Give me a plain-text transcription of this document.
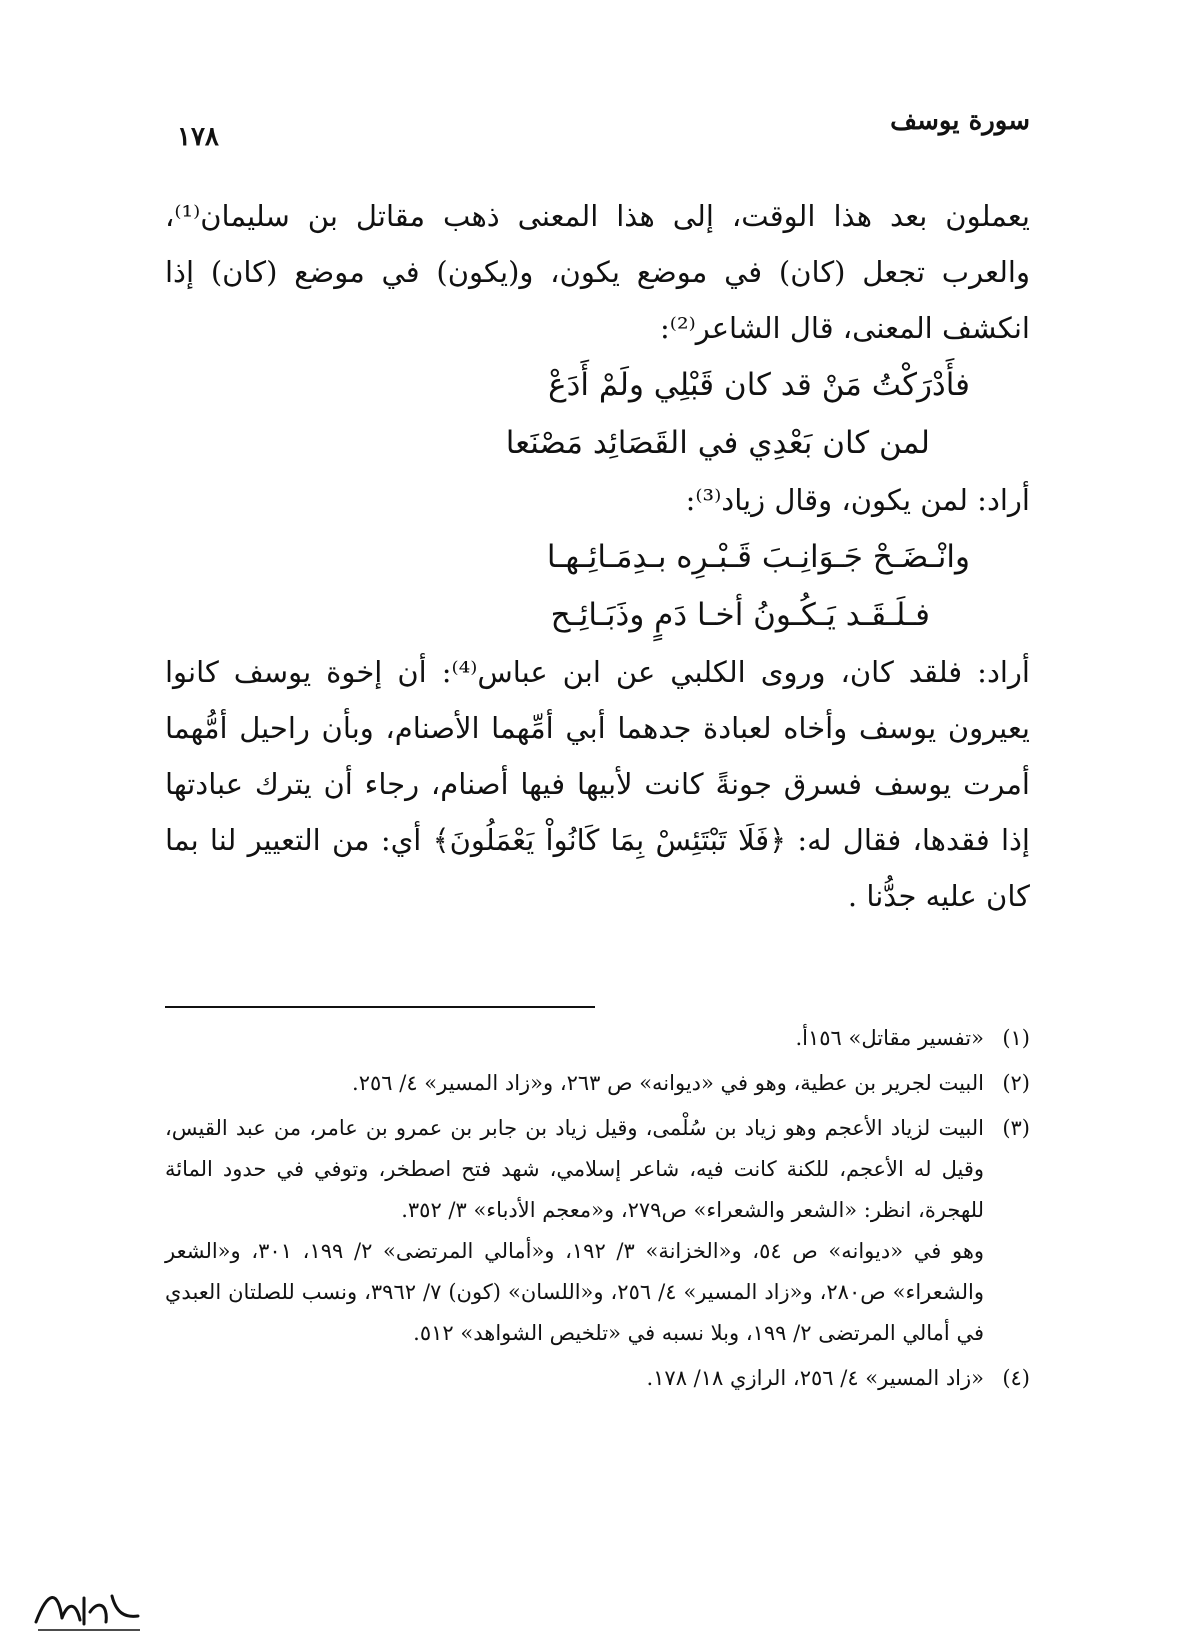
١٧٨
سورة يوسف

يعملون بعد هذا الوقت، إلى هذا المعنى ذهب مقاتل بن سليمان⁽¹⁾، والعرب تجعل (كان) في موضع يكون، و(يكون) في موضع (كان) إذا انكشف المعنى، قال الشاعر⁽²⁾:

فأَدْرَكْتُ مَنْ قد كان قَبْلِي ولَمْ أَدَعْ

لمن كان بَعْدِي في القَصَائِد مَصْنَعا

أراد: لمن يكون، وقال زياد⁽³⁾:

وانْـضَـحْ جَـوَانِـبَ قَـبْـرِه بـدِمَـائِـهـا

فـلَـقَـد يَـكُـونُ أخـا دَمٍ وذَبَـائِـح

أراد: فلقد كان، وروى الكلبي عن ابن عباس⁽⁴⁾: أن إخوة يوسف كانوا يعيرون يوسف وأخاه لعبادة جدهما أبي أمِّهما الأصنام، وبأن راحيل أمُّهما أمرت يوسف فسرق جونةً كانت لأبيها فيها أصنام، رجاء أن يترك عبادتها إذا فقدها، فقال له: ﴿فَلَا تَبْتَئِسْ بِمَا كَانُواْ يَعْمَلُونَ﴾ أي: من التعيير لنا بما كان عليه جدُّنا .

(١)
«تفسير مقاتل» ١٥٦أ.
(٢)
البيت لجرير بن عطية، وهو في «ديوانه» ص ٢٦٣، و«زاد المسير» ٤/ ٢٥٦.
(٣)
البيت لزياد الأعجم وهو زياد بن سُلْمى، وقيل زياد بن جابر بن عمرو بن عامر، من عبد القيس، وقيل له الأعجم، للكنة كانت فيه، شاعر إسلامي، شهد فتح اصطخر، وتوفي في حدود المائة للهجرة، انظر: «الشعر والشعراء» ص٢٧٩، و«معجم الأدباء» ٣/ ٣٥٢.
وهو في «ديوانه» ص ٥٤، و«الخزانة» ٣/ ١٩٢، و«أمالي المرتضى» ٢/ ١٩٩، ٣٠١، و«الشعر والشعراء» ص٢٨٠، و«زاد المسير» ٤/ ٢٥٦، و«اللسان» (كون) ٧/ ٣٩٦٢، ونسب للصلتان العبدي في أمالي المرتضى ٢/ ١٩٩، وبلا نسبه في «تلخيص الشواهد» ٥١٢.
(٤)
«زاد المسير» ٤/ ٢٥٦، الرازي ١٨/ ١٧٨.
